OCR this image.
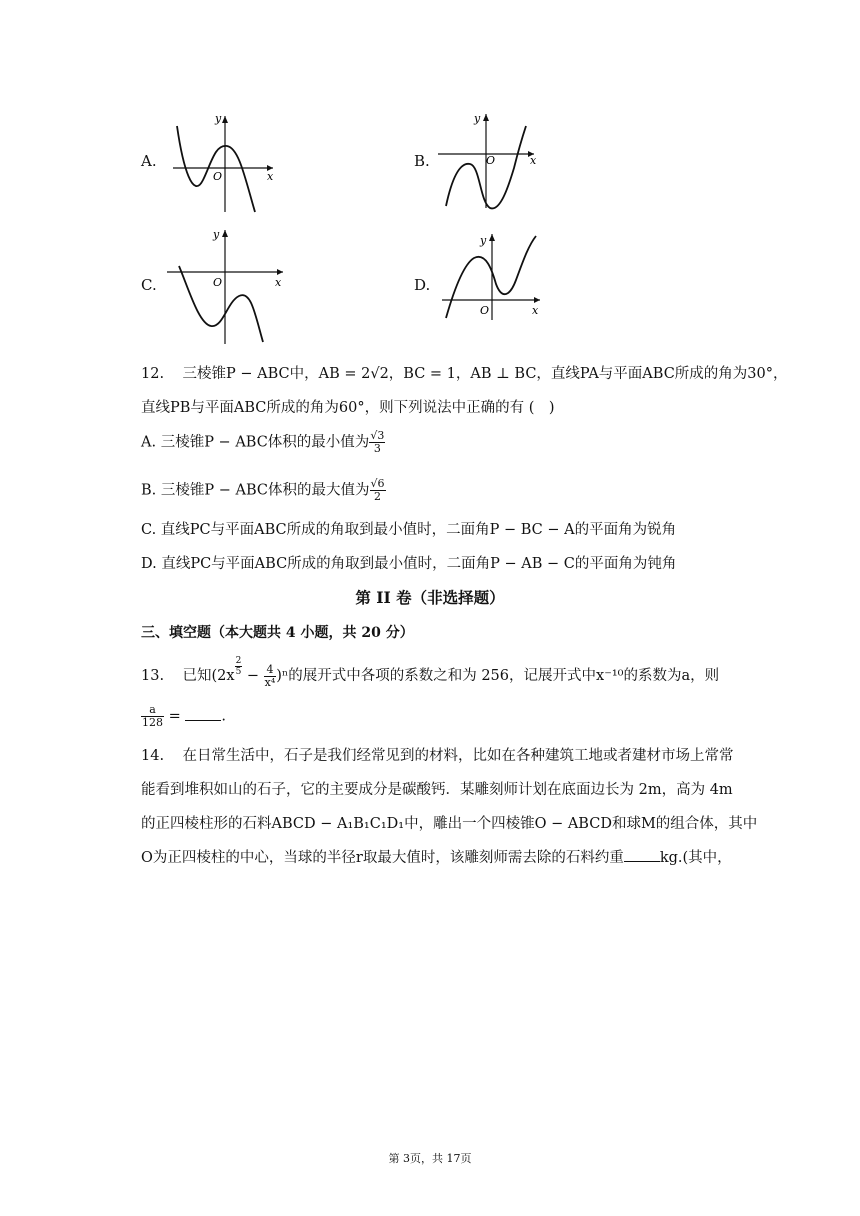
A.
y
x
O
B.
y
x
O
C.
y
x
O	D.
y
x
O
12. 三棱锥P − ABC中，AB = 2√2，BC = 1，AB ⊥ BC，直线PA与平面ABC所成的角为30°，
直线PB与平面ABC所成的角为60°，则下列说法中正确的有 (　)
A. 三棱锥P − ABC体积的最小值为 $\frac{√3}{3}$
B. 三棱锥P − ABC体积的最大值为 $\frac{√6}{2}$
C. 直线PC与平面ABC所成的角取到最小值时，二面角P − BC − A的平面角为锐角
D. 直线PC与平面ABC所成的角取到最小值时，二面角P − AB − C的平面角为钝角
第 II 卷（非选择题）
三、填空题（本大题共 4 小题，共 20 分）
13. 已知$(2x \frac{2}{5} - \frac{4}{\text{x⁴}} )^n$的展开式中各项的系数之和为 256，记展开式中x⁻¹⁰的系数为a，则
$\frac{a}{128}$ = .
14. 在日常生活中，石子是我们经常见到的材料，比如在各种建筑工地或者建材市场上常常
能看到堆积如山的石子，它的主要成分是碳酸钙．某雕刻师计划在底面边长为 2m，高为 4m
的正四棱柱形的石料ABCD − A₁B₁C₁D₁中，雕出一个四棱锥O − ABCD和球M的组合体，其中
O为正四棱柱的中心，当球的半径r取最大值时，该雕刻师需去除的石料约重 kg.(其中，
第 3页，共 17页
